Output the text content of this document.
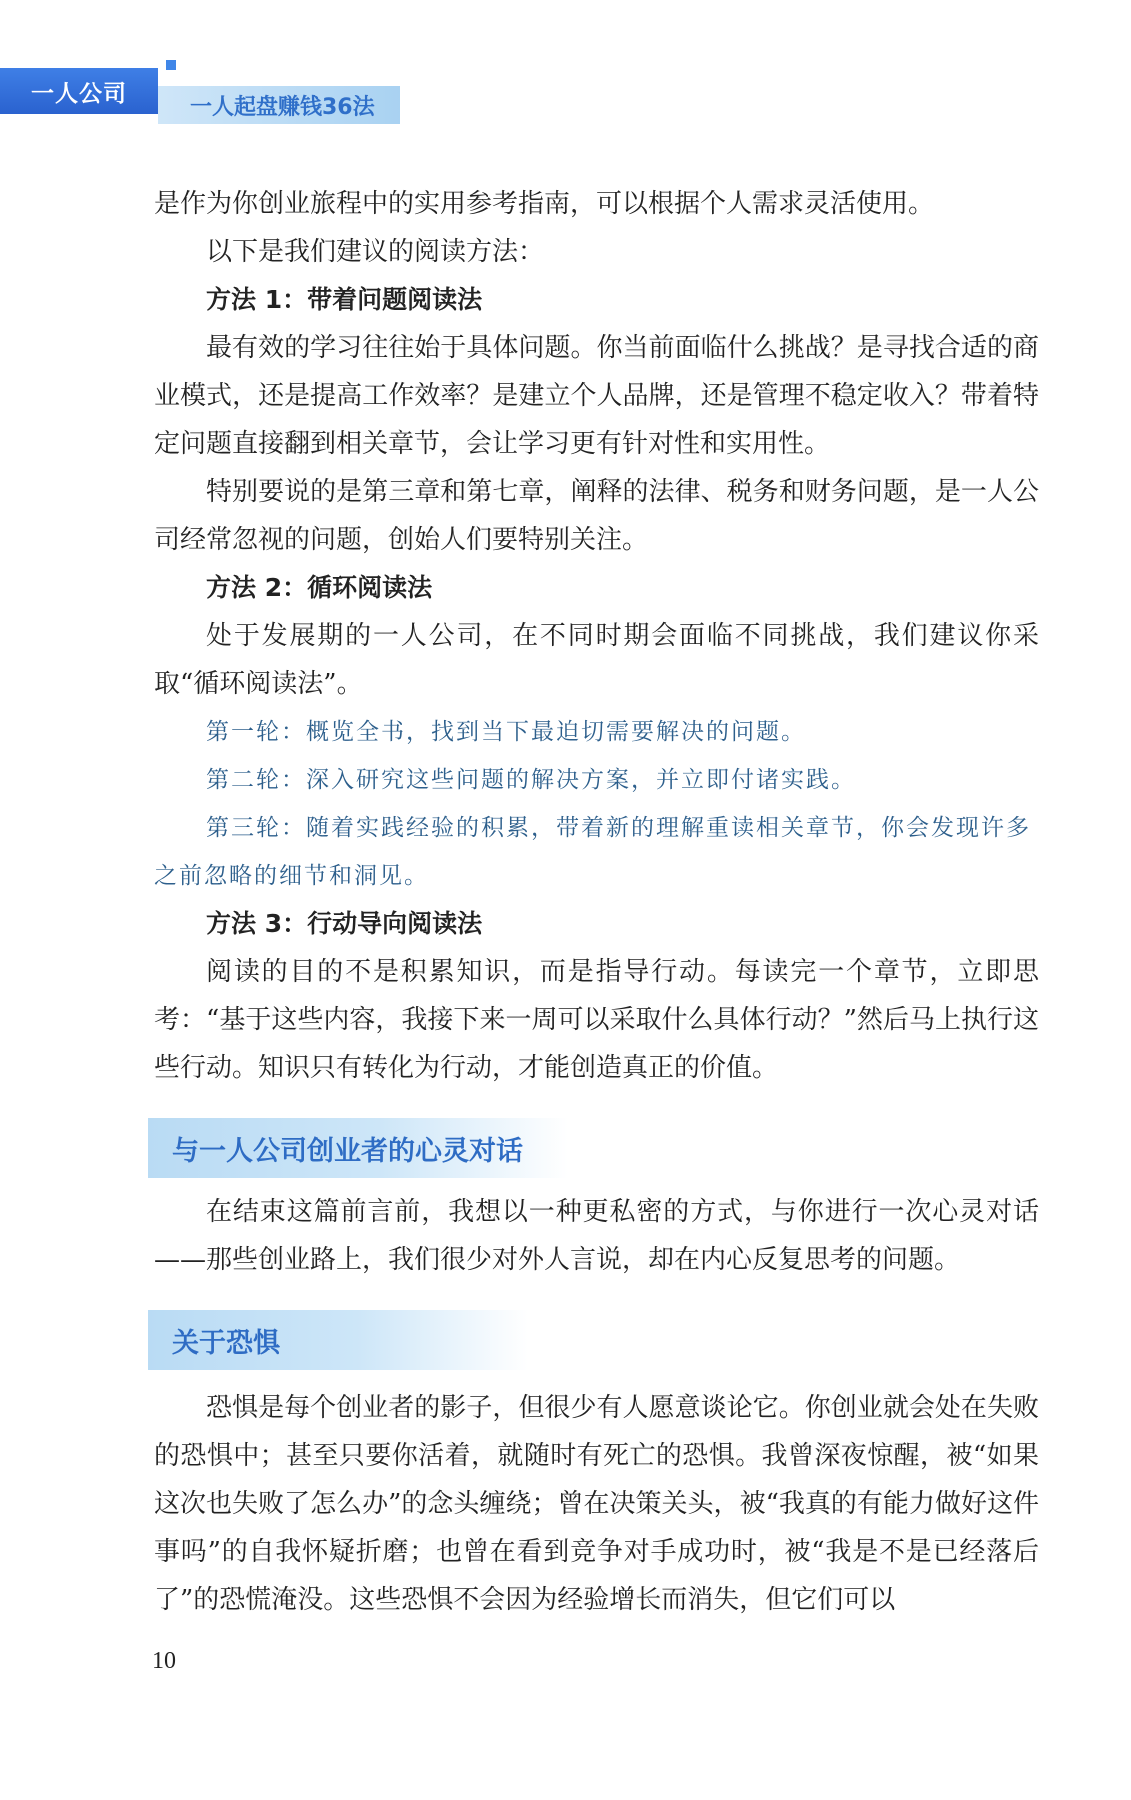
一人公司
一人起盘赚钱36法

是作为你创业旅程中的实用参考指南，可以根据个人需求灵活使用。

以下是我们建议的阅读方法：

方法 1：带着问题阅读法

最有效的学习往往始于具体问题。你当前面临什么挑战？是寻找合适的商业模式，还是提高工作效率？是建立个人品牌，还是管理不稳定收入？带着特定问题直接翻到相关章节，会让学习更有针对性和实用性。

特别要说的是第三章和第七章，阐释的法律、税务和财务问题，是一人公司经常忽视的问题，创始人们要特别关注。

方法 2：循环阅读法

处于发展期的一人公司，在不同时期会面临不同挑战，我们建议你采取“循环阅读法”。

第一轮：概览全书，找到当下最迫切需要解决的问题。

第二轮：深入研究这些问题的解决方案，并立即付诸实践。

第三轮：随着实践经验的积累，带着新的理解重读相关章节，你会发现许多之前忽略的细节和洞见。

方法 3：行动导向阅读法

阅读的目的不是积累知识，而是指导行动。每读完一个章节，立即思考：“基于这些内容，我接下来一周可以采取什么具体行动？”然后马上执行这些行动。知识只有转化为行动，才能创造真正的价值。

与一人公司创业者的心灵对话

在结束这篇前言前，我想以一种更私密的方式，与你进行一次心灵对话——那些创业路上，我们很少对外人言说，却在内心反复思考的问题。

关于恐惧

恐惧是每个创业者的影子，但很少有人愿意谈论它。你创业就会处在失败的恐惧中；甚至只要你活着，就随时有死亡的恐惧。我曾深夜惊醒，被“如果这次也失败了怎么办”的念头缠绕；曾在决策关头，被“我真的有能力做好这件事吗”的自我怀疑折磨；也曾在看到竞争对手成功时，被“我是不是已经落后了”的恐慌淹没。这些恐惧不会因为经验增长而消失，但它们可以

10
